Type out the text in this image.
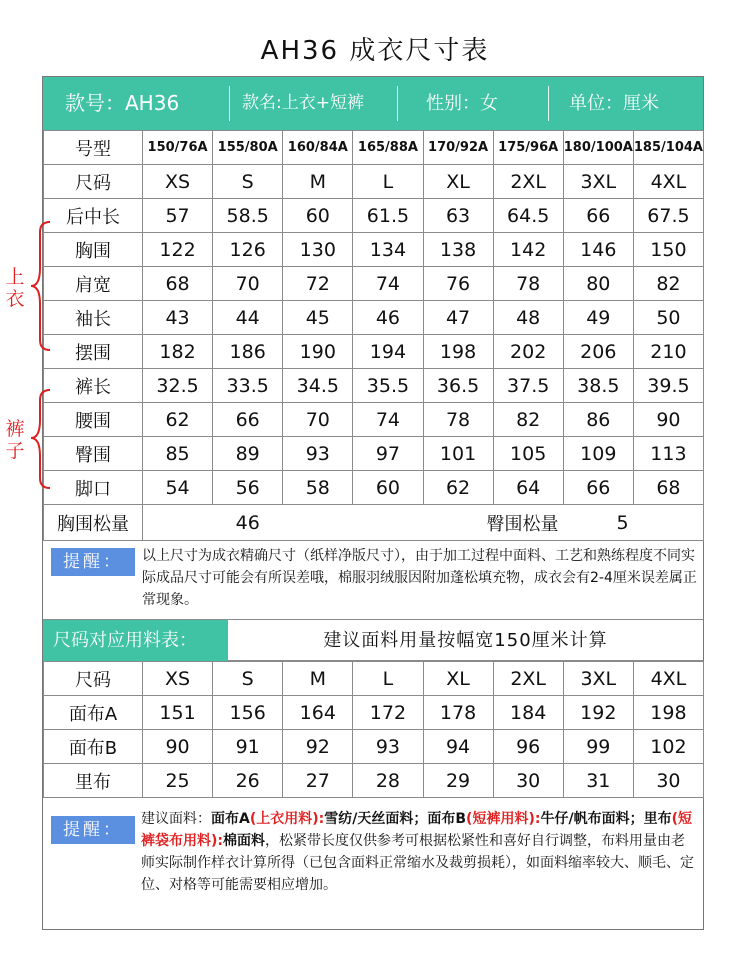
AH36 成衣尺寸表
款号：AH36	款名:上衣+短裤	性别：女	单位：厘米
号型	150/76A	155/80A	160/84A	165/88A	170/92A	175/96A	180/100A	185/104A
尺码	XS	S	M	L	XL	2XL	3XL	4XL
后中长	57	58.5	60	61.5	63	64.5	66	67.5
胸围	122	126	130	134	138	142	146	150
肩宽	68	70	72	74	76	78	80	82
袖长	43	44	45	46	47	48	49	50
摆围	182	186	190	194	198	202	206	210
裤长	32.5	33.5	34.5	35.5	36.5	37.5	38.5	39.5
腰围	62	66	70	74	78	82	86	90
臀围	85	89	93	97	101	105	109	113
脚口	54	56	58	60	62	64	66	68
上衣
裤子
胸围松量	46	臀围松量	5
提醒：	以上尺寸为成衣精确尺寸（纸样净版尺寸），由于加工过程中面料、工艺和熟练程度不同实际成品尺寸可能会有所误差哦，棉服羽绒服因附加蓬松填充物，成衣会有2-4厘米误差属正常现象。
尺码对应用料表：	建议面料用量按幅宽150厘米计算
尺码	XS	S	M	L	XL	2XL	3XL	4XL
面布A	151	156	164	172	178	184	192	198
面布B	90	91	92	93	94	96	99	102
里布	25	26	27	28	29	30	31	30
提醒：
建议面料：面布A(上衣用料):雪纺/天丝面料；面布B(短裤用料):牛仔/帆布面料；里布(短裤袋布用料):棉面料，松紧带长度仅供参考可根据松紧性和喜好自行调整，布料用量由老师实际制作样衣计算所得（已包含面料正常缩水及裁剪损耗），如面料缩率较大、顺毛、定位、对格等可能需要相应增加。
